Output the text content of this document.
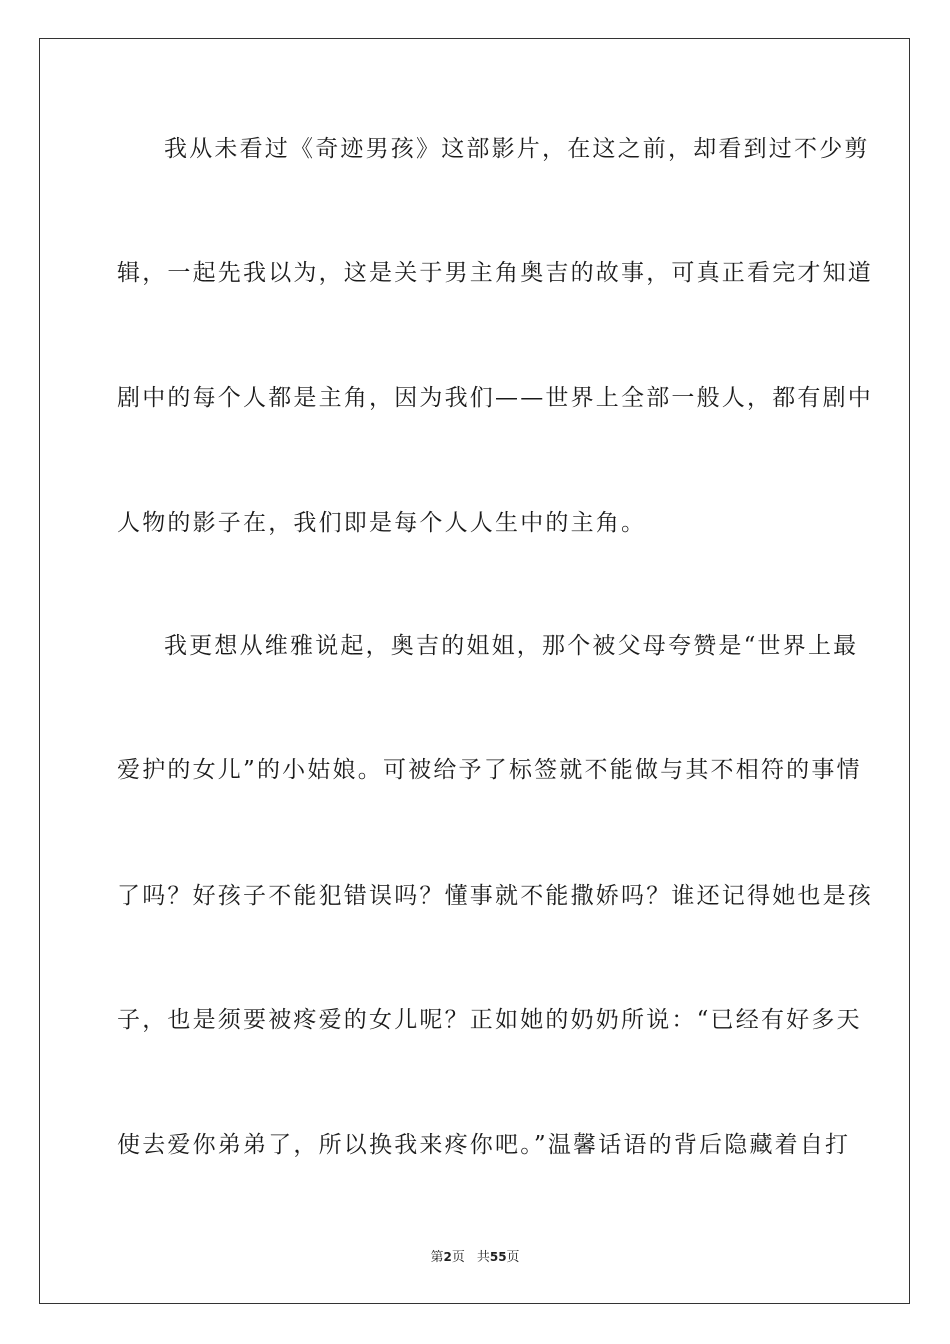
我从未看过《奇迹男孩》这部影片，在这之前，却看到过不少剪
辑，一起先我以为，这是关于男主角奥吉的故事，可真正看完才知道
剧中的每个人都是主角，因为我们——世界上全部一般人，都有剧中
人物的影子在，我们即是每个人人生中的主角。
我更想从维雅说起，奥吉的姐姐，那个被父母夸赞是“世界上最
爱护的女儿”的小姑娘。可被给予了标签就不能做与其不相符的事情
了吗？好孩子不能犯错误吗？懂事就不能撒娇吗？谁还记得她也是孩
子，也是须要被疼爱的女儿呢？正如她的奶奶所说：“已经有好多天
使去爱你弟弟了，所以换我来疼你吧。”温馨话语的背后隐藏着自打
第2页 共55页
